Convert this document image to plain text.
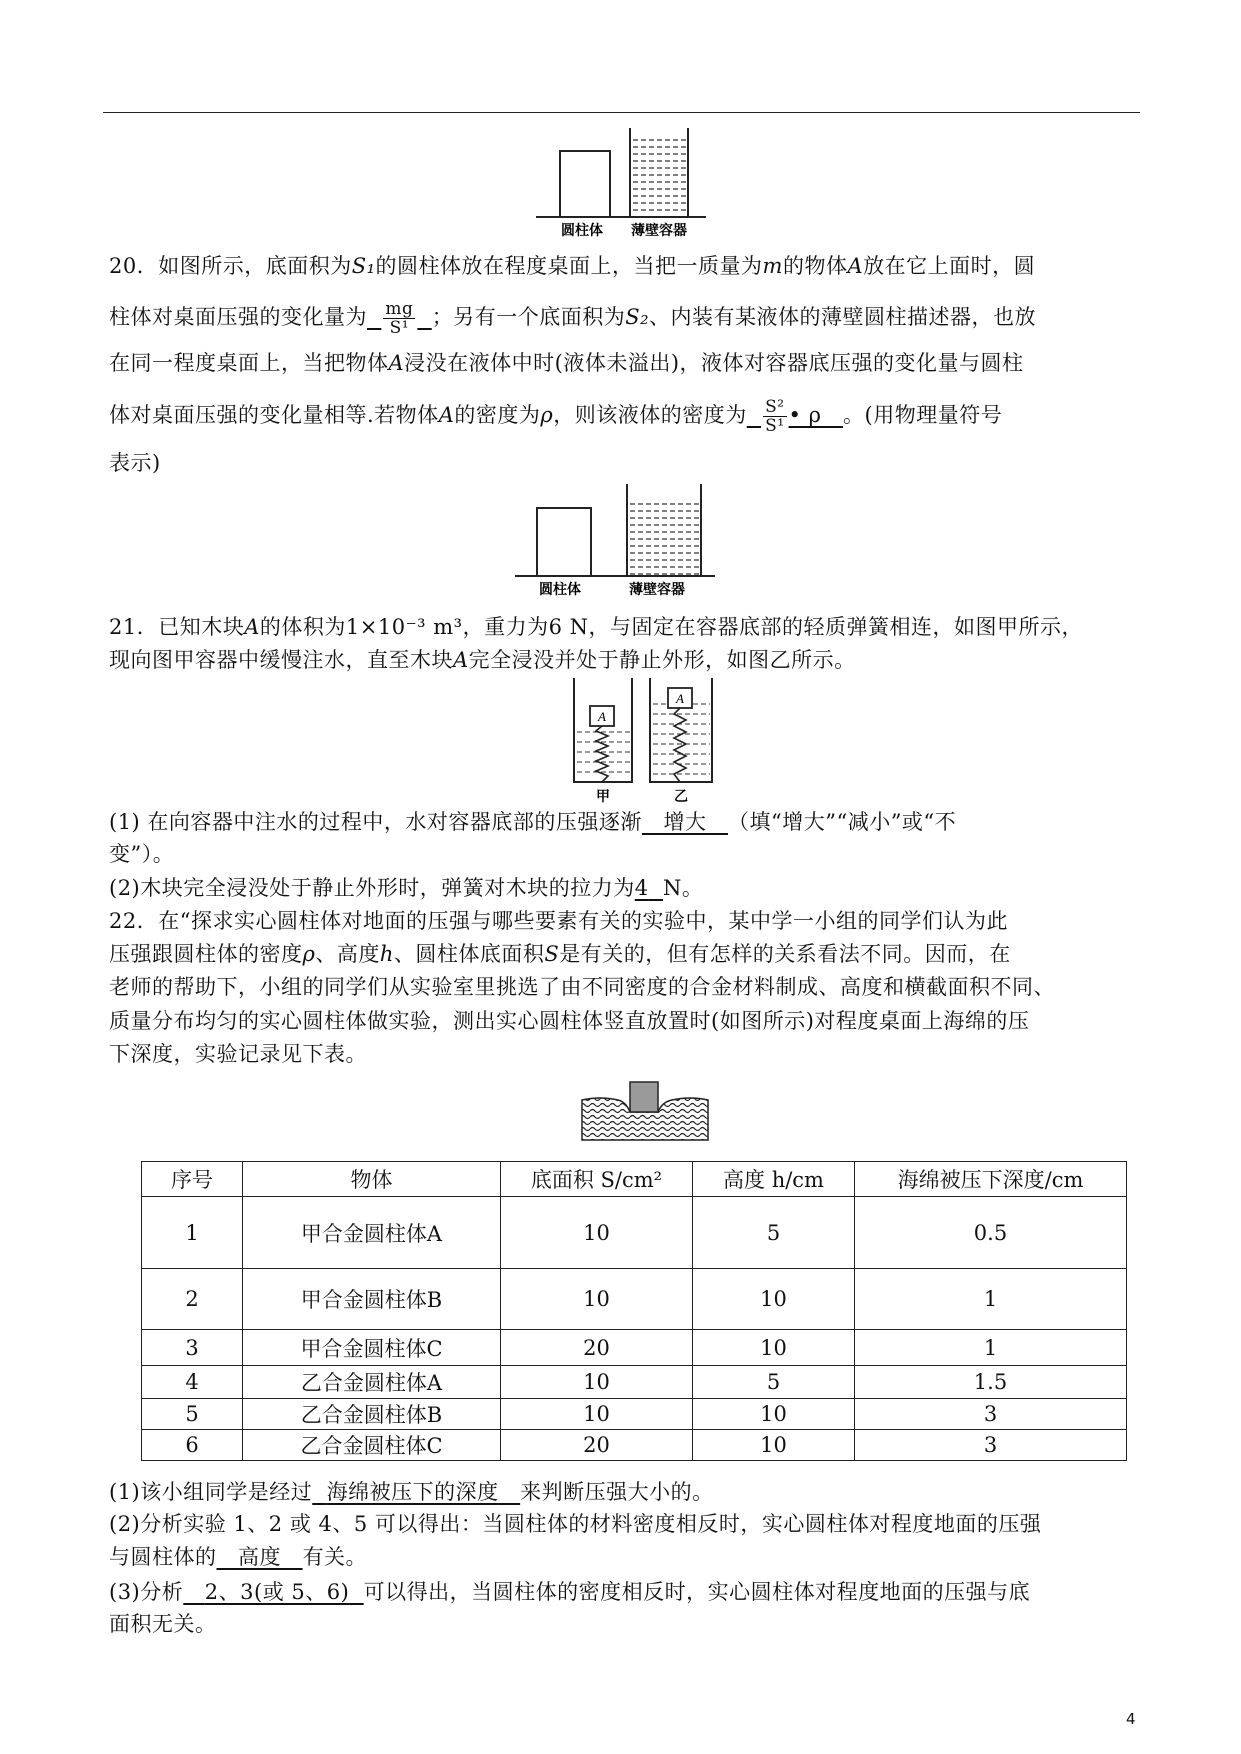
圆柱体 薄壁容器
20．如图所示，底面积为S₁的圆柱体放在程度桌面上，当把一质量为m的物体A放在它上面时，圆
柱体对桌面压强的变化量为 $\frac{mg}{\text{S¹}}$ ；另有一个底面积为S₂、内装有某液体的薄壁圆柱描述器，也放
在同一程度桌面上，当把物体A浸没在液体中时(液体未溢出)，液体对容器底压强的变化量与圆柱
体对桌面压强的变化量相等.若物体A的密度为ρ，则该液体的密度为 $\frac{\text{S²}}{\text{S¹}}$ • ρ 。(用物理量符号
表示)
圆柱体	薄壁容器
21．已知木块A的体积为1×10⁻³ m³，重力为6 N，与固定在容器底部的轻质弹簧相连，如图甲所示，
现向图甲容器中缓慢注水，直至木块A完全浸没并处于静止外形，如图乙所示。
A
A
甲	乙
(1) 在向容器中注水的过程中，水对容器底部的压强逐渐 增大 （填“增大”“减小”或“不
变”）。
(2)木块完全浸没处于静止外形时，弹簧对木块的拉力为4 N。
22．在“探求实心圆柱体对地面的压强与哪些要素有关的实验中，某中学一小组的同学们认为此
压强跟圆柱体的密度ρ、高度h、圆柱体底面积S是有关的，但有怎样的关系看法不同。因而，在
老师的帮助下，小组的同学们从实验室里挑选了由不同密度的合金材料制成、高度和横截面积不同、
质量分布均匀的实心圆柱体做实验，测出实心圆柱体竖直放置时(如图所示)对程度桌面上海绵的压
下深度，实验记录见下表。
序号	物体	底面积 S/cm²	高度 h/cm	海绵被压下深度/cm
1	甲合金圆柱体A	10	5	0.5
2	甲合金圆柱体B	10	10	1
3	甲合金圆柱体C	20	10	1
4	乙合金圆柱体A	10	5	1.5
5	乙合金圆柱体B	10	10	3
6	乙合金圆柱体C	20	10	3
(1)该小组同学是经过 海绵被压下的深度 来判断压强大小的。
(2)分析实验 1、2 或 4、5 可以得出：当圆柱体的材料密度相反时，实心圆柱体对程度地面的压强
与圆柱体的 高度 有关。
(3)分析 2、3(或 5、6) 可以得出，当圆柱体的密度相反时，实心圆柱体对程度地面的压强与底
面积无关。
4
